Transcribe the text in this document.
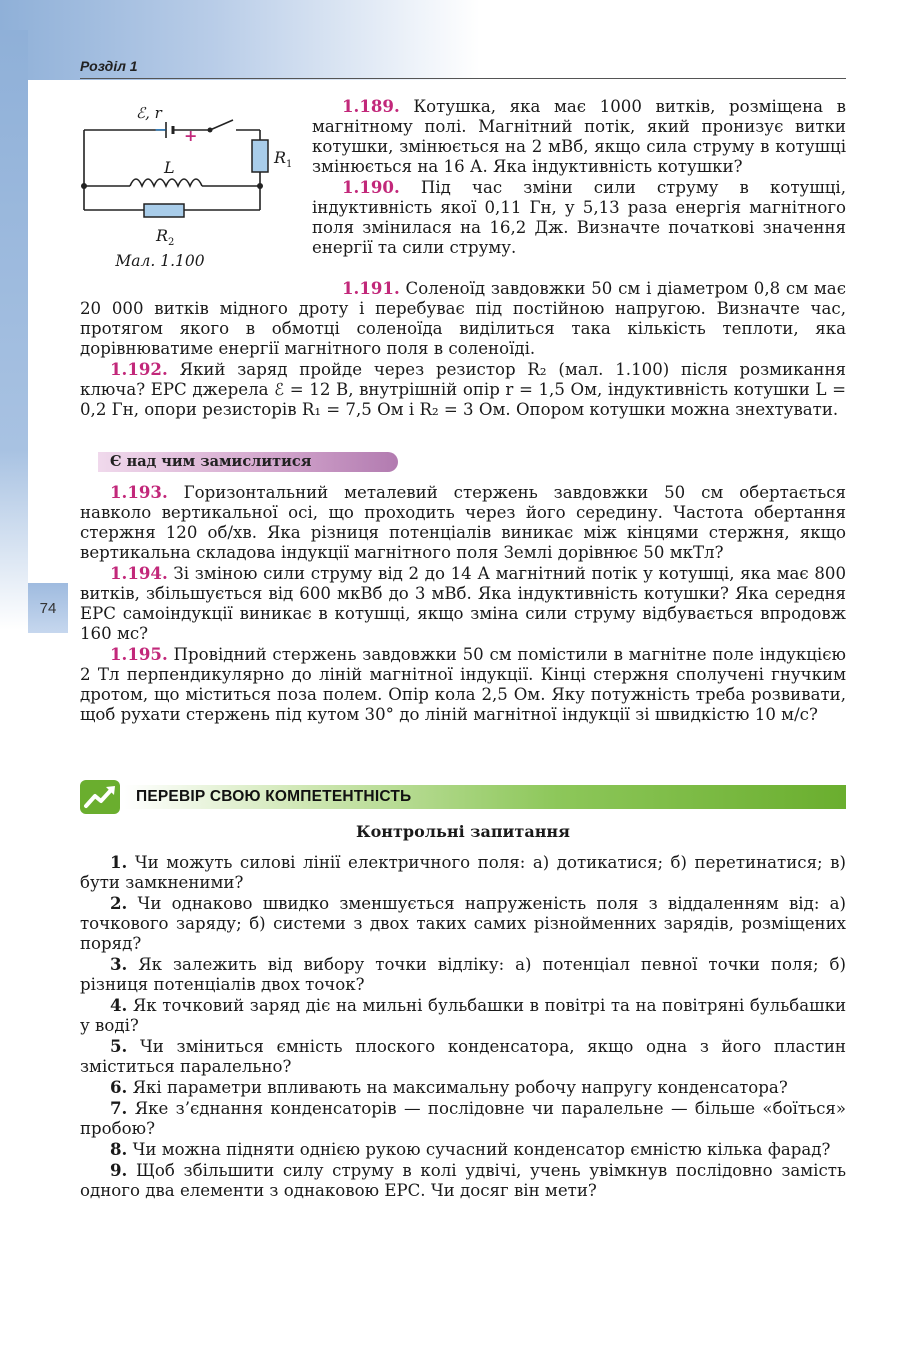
74
Розділ 1
ℰ, r
− +
L
$R_1$
$R_2$
Мал. 1.100

1.189. Котушка, яка має 1000 витків, розміщена в магнітному полі. Магнітний потік, який пронизує витки котушки, змінюється на 2 мВб, якщо сила струму в котушці змінюється на 16 А. Яка індуктивність котушки?

1.190. Під час зміни сили струму в котушці, індуктивність якої 0,11 Гн, у 5,13 раза енергія магнітного поля змінилася на 16,2 Дж. Визначте початкові значення енергії та сили струму.

1.191. Соленоїд завдовжки 50 см і діаметром 0,8 см має 20 000 витків мідного дроту і перебуває під постійною напругою. Визначте час, протягом якого в обмотці соленоїда виділиться така кількість теплоти, яка дорівнюватиме енергії магнітного поля в соленоїді.

1.192. Який заряд пройде через резистор R₂ (мал. 1.100) після розмикання ключа? ЕРС джерела ℰ = 12 В, внутрішній опір r = 1,5 Ом, індуктивність котушки L = 0,2 Гн, опори резисторів R₁ = 7,5 Ом і R₂ = 3 Ом. Опором котушки можна знехтувати.

Є над чим замислитися

1.193. Горизонтальний металевий стержень завдовжки 50 см обертається навколо вертикальної осі, що проходить через його середину. Частота обертання стержня 120 об/хв. Яка різниця потенціалів виникає між кінцями стержня, якщо вертикальна складова індукції магнітного поля Землі дорівнює 50 мкТл?

1.194. Зі зміною сили струму від 2 до 14 А магнітний потік у котушці, яка має 800 витків, збільшується від 600 мкВб до 3 мВб. Яка індуктивність котушки? Яка середня ЕРС самоіндукції виникає в котушці, якщо зміна сили струму відбувається впродовж 160 мс?

1.195. Провідний стержень завдовжки 50 см помістили в магнітне поле індукцією 2 Тл перпендикулярно до ліній магнітної індукції. Кінці стержня сполучені гнучким дротом, що міститься поза полем. Опір кола 2,5 Ом. Яку потужність треба розвивати, щоб рухати стержень під кутом 30° до ліній магнітної індукції зі швидкістю 10 м/с?

ПЕРЕВІР СВОЮ КОМПЕТЕНТНІСТЬ
Контрольні запитання

1. Чи можуть силові лінії електричного поля: а) дотикатися; б) перетинатися; в) бути замкненими?

2. Чи однаково швидко зменшується напруженість поля з віддаленням від: а) точкового заряду; б) системи з двох таких самих різнойменних зарядів, розміщених поряд?

3. Як залежить від вибору точки відліку: а) потенціал певної точки поля; б) різниця потенціалів двох точок?

4. Як точковий заряд діє на мильні бульбашки в повітрі та на повітряні бульбашки у воді?

5. Чи зміниться ємність плоского конденсатора, якщо одна з його пластин зміститься паралельно?

6. Які параметри впливають на максимальну робочу напругу конденсатора?

7. Яке з’єднання конденсаторів — послідовне чи паралельне — більше «боїться» пробою?

8. Чи можна підняти однією рукою сучасний конденсатор ємністю кілька фарад?

9. Щоб збільшити силу струму в колі удвічі, учень увімкнув послідовно замість одного два елементи з однаковою ЕРС. Чи досяг він мети?
